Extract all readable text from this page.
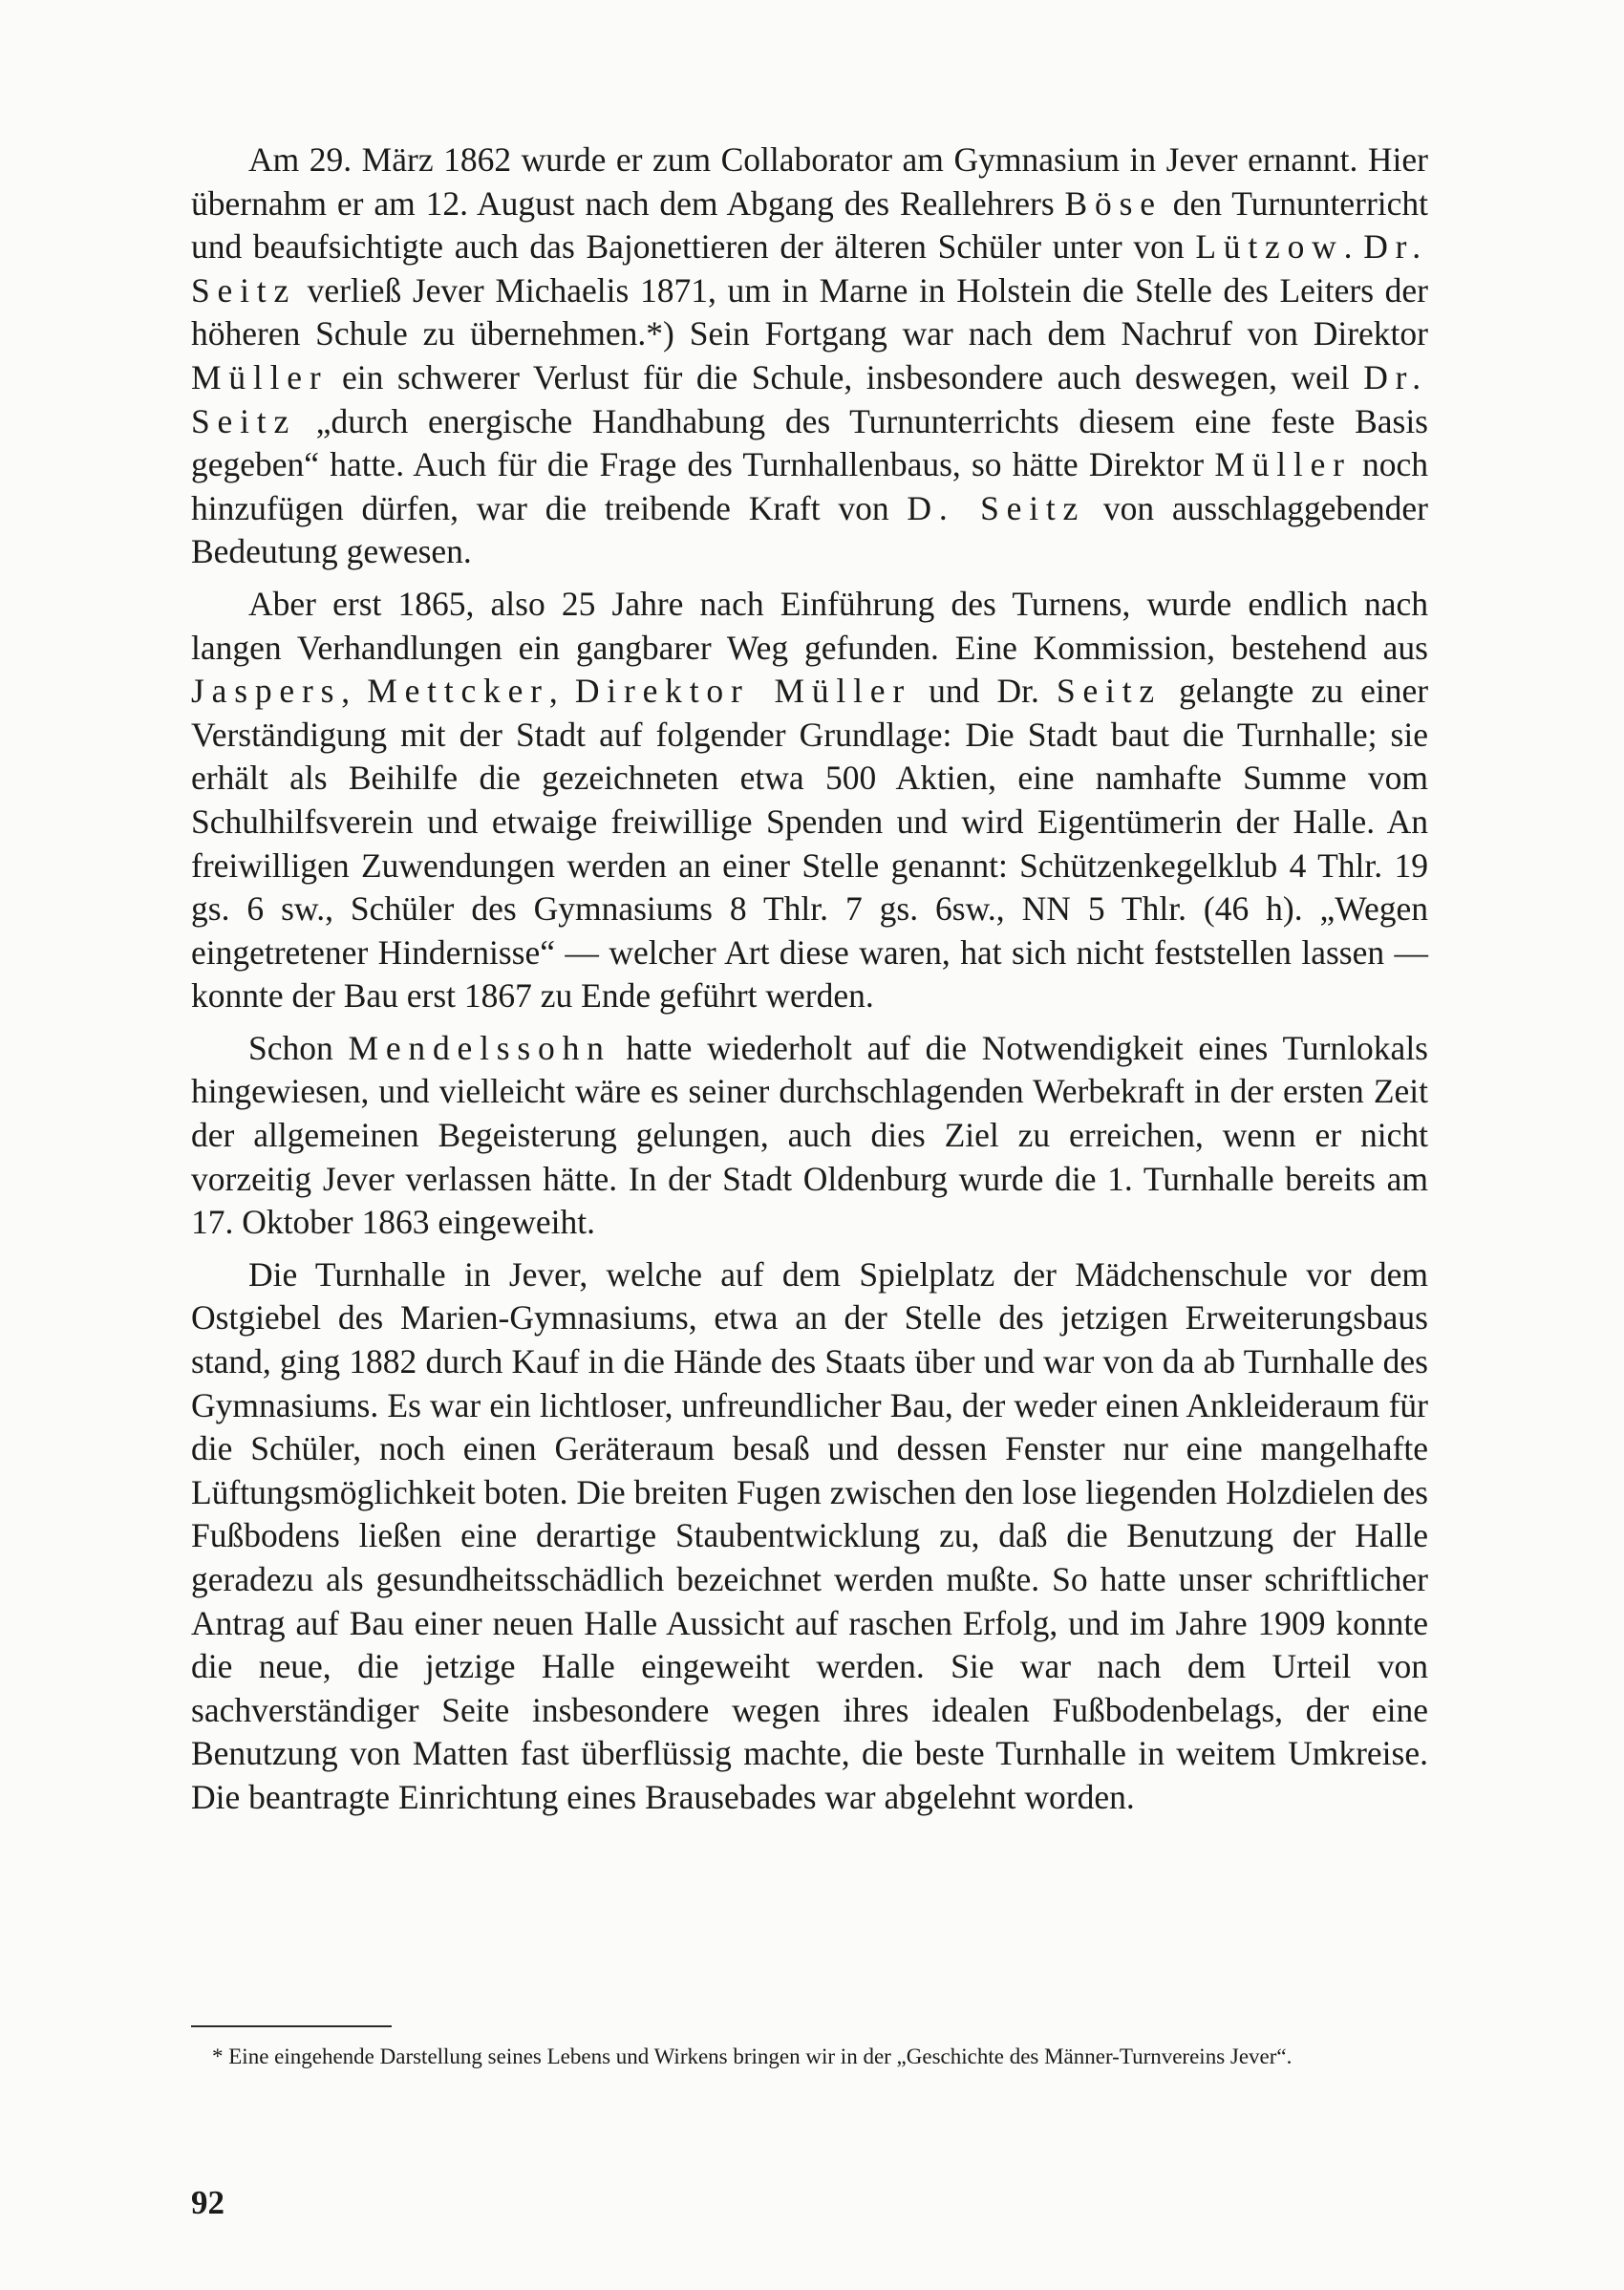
Am 29. März 1862 wurde er zum Collaborator am Gymnasium in Jever ernannt. Hier übernahm er am 12. August nach dem Abgang des Reallehrers Böse den Turnunterricht und beaufsichtigte auch das Bajonettieren der älteren Schüler unter von Lützow. Dr. Seitz verließ Jever Michaelis 1871, um in Marne in Holstein die Stelle des Leiters der höheren Schule zu übernehmen.*) Sein Fortgang war nach dem Nachruf von Direktor Müller ein schwerer Verlust für die Schule, insbesondere auch deswegen, weil Dr. Seitz „durch energische Handhabung des Turnunterrichts diesem eine feste Basis gegeben“ hatte. Auch für die Frage des Turnhallenbaus, so hätte Direktor Müller noch hinzufügen dürfen, war die treibende Kraft von D. Seitz von ausschlaggebender Bedeutung gewesen.

Aber erst 1865, also 25 Jahre nach Einführung des Turnens, wurde endlich nach langen Verhandlungen ein gangbarer Weg gefunden. Eine Kommission, bestehend aus Jaspers, Mettcker, Direktor Müller und Dr. Seitz gelangte zu einer Verständigung mit der Stadt auf folgender Grundlage: Die Stadt baut die Turnhalle; sie erhält als Beihilfe die gezeichneten etwa 500 Aktien, eine namhafte Summe vom Schulhilfsverein und etwaige freiwillige Spenden und wird Eigentümerin der Halle. An freiwilligen Zuwendungen werden an einer Stelle genannt: Schützenkegelklub 4 Thlr. 19 gs. 6 sw., Schüler des Gymnasiums 8 Thlr. 7 gs. 6sw., NN 5 Thlr. (46 h). „Wegen eingetretener Hindernisse“ — welcher Art diese waren, hat sich nicht feststellen lassen — konnte der Bau erst 1867 zu Ende geführt werden.

Schon Mendelssohn hatte wiederholt auf die Notwendigkeit eines Turnlokals hingewiesen, und vielleicht wäre es seiner durchschlagenden Werbekraft in der ersten Zeit der allgemeinen Begeisterung gelungen, auch dies Ziel zu erreichen, wenn er nicht vorzeitig Jever verlassen hätte. In der Stadt Oldenburg wurde die 1. Turnhalle bereits am 17. Oktober 1863 eingeweiht.

Die Turnhalle in Jever, welche auf dem Spielplatz der Mädchenschule vor dem Ostgiebel des Marien-Gymnasiums, etwa an der Stelle des jetzigen Erweiterungsbaus stand, ging 1882 durch Kauf in die Hände des Staats über und war von da ab Turnhalle des Gymnasiums. Es war ein lichtloser, unfreundlicher Bau, der weder einen Ankleideraum für die Schüler, noch einen Geräteraum besaß und dessen Fenster nur eine mangelhafte Lüftungsmöglichkeit boten. Die breiten Fugen zwischen den lose liegenden Holzdielen des Fußbodens ließen eine derartige Staubentwicklung zu, daß die Benutzung der Halle geradezu als gesundheitsschädlich bezeichnet werden mußte. So hatte unser schriftlicher Antrag auf Bau einer neuen Halle Aussicht auf raschen Erfolg, und im Jahre 1909 konnte die neue, die jetzige Halle eingeweiht werden. Sie war nach dem Urteil von sachverständiger Seite insbesondere wegen ihres idealen Fußbodenbelags, der eine Benutzung von Matten fast überflüssig machte, die beste Turnhalle in weitem Umkreise. Die beantragte Einrichtung eines Brausebades war abgelehnt worden.

* Eine eingehende Darstellung seines Lebens und Wirkens bringen wir in der „Geschichte des Männer-Turnvereins Jever“.

92
